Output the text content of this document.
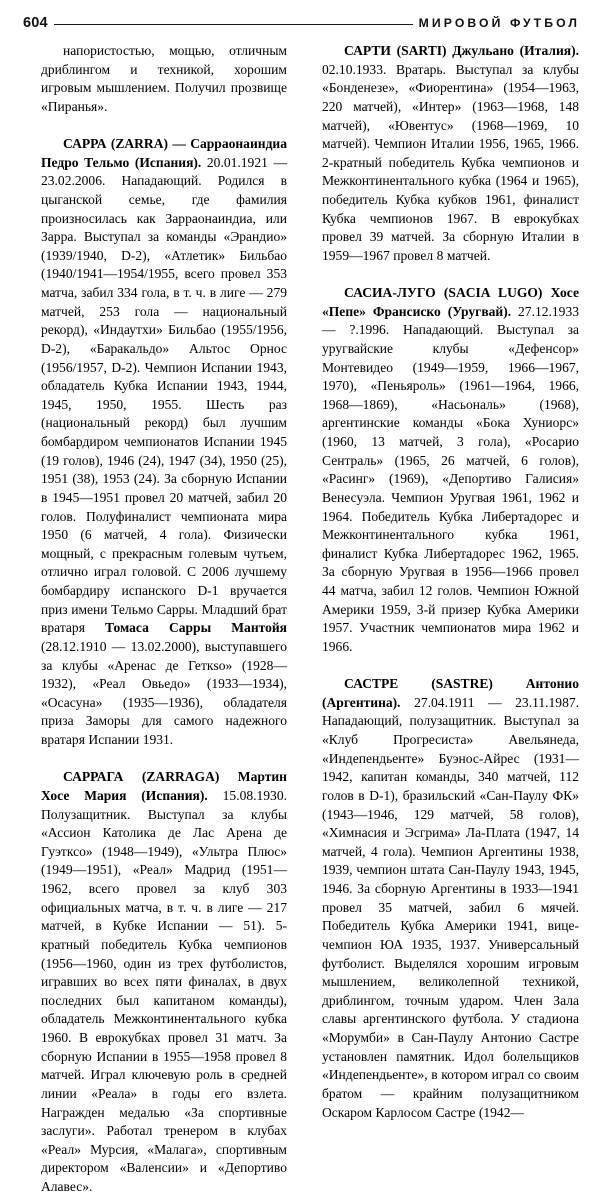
604	МИРОВОЙ ФУТБОЛ

напористостью, мощью, отличным дриблингом и техникой, хорошим игровым мышлением. Получил прозвище «Пиранья».

САРРА (ZARRA) — Сарраонаиндиа Педро Тельмо (Испания). 20.01.1921 — 23.02.2006. Нападающий. Родился в цыганской семье, где фамилия произносилась как Зарраонаиндиа, или Зарра. Выступал за команды «Эрандио» (1939/1940, D-2), «Атлетик» Бильбао (1940/1941—1954/1955, всего провел 353 матча, забил 334 гола, в т. ч. в лиге — 279 матчей, 253 гола — национальный рекорд), «Индаутхи» Бильбао (1955/1956, D-2), «Баракальдо» Альтос Орнос (1956/1957, D-2). Чемпион Испании 1943, обладатель Кубка Испании 1943, 1944, 1945, 1950, 1955. Шесть раз (национальный рекорд) был лучшим бомбардиром чемпионатов Испании 1945 (19 голов), 1946 (24), 1947 (34), 1950 (25), 1951 (38), 1953 (24). За сборную Испании в 1945—1951 провел 20 матчей, забил 20 голов. Полуфиналист чемпионата мира 1950 (6 матчей, 4 гола). Физически мощный, с прекрасным голевым чутьем, отлично играл головой. С 2006 лучшему бомбардиру испанского D-1 вручается приз имени Тельмо Сарры. Младший брат вратаря Томаса Сарры Мантойя (28.12.1910 — 13.02.2000), выступавшего за клубы «Аренас де Геткso» (1928—1932), «Реал Овьедо» (1933—1934), «Осасуна» (1935—1936), обладателя приза Заморы для самого надежного вратаря Испании 1931.

САРРАГА (ZARRAGA) Мартин Хосе Мария (Испания). 15.08.1930. Полузащитник. Выступал за клубы «Ассион Католика де Лас Арена де Гуэтксо» (1948—1949), «Ультра Плюс» (1949—1951), «Реал» Мадрид (1951—1962, всего провел за клуб 303 официальных матча, в т. ч. в лиге — 217 матчей, в Кубке Испании — 51). 5-кратный победитель Кубка чемпионов (1956—1960, один из трех футболистов, игравших во всех пяти финалах, в двух последних был капитаном команды), обладатель Межконтинентального кубка 1960. В еврокубках провел 31 матч. За сборную Испании в 1955—1958 провел 8 матчей. Играл ключевую роль в средней линии «Реала» в годы его взлета. Награжден медалью «За спортивные заслуги». Работал тренером в клубах «Реал» Мурсия, «Малага», спортивным директором «Валенсии» и «Депортиво Алавес».

САРТИ (SARTI) Джульано (Италия). 02.10.1933. Вратарь. Выступал за клубы «Бонденезе», «Фиорентина» (1954—1963, 220 матчей), «Интер» (1963—1968, 148 матчей), «Ювентус» (1968—1969, 10 матчей). Чемпион Италии 1956, 1965, 1966. 2-кратный победитель Кубка чемпионов и Межконтинентального кубка (1964 и 1965), победитель Кубка кубков 1961, финалист Кубка чемпионов 1967. В еврокубках провел 39 матчей. За сборную Италии в 1959—1967 провел 8 матчей.

САСИА-ЛУГО (SACIA LUGO) Хосе «Пепе» Франсиско (Уругвай). 27.12.1933 — ?.1996. Нападающий. Выступал за уругвайские клубы «Дефенсор» Монтевидео (1949—1959, 1966—1967, 1970), «Пеньяроль» (1961—1964, 1966, 1968—1869), «Насьональ» (1968), аргентинские команды «Бока Хуниорс» (1960, 13 матчей, 3 гола), «Росарио Сентраль» (1965, 26 матчей, 6 голов), «Расинг» (1969), «Депортиво Галисия» Венесуэла. Чемпион Уругвая 1961, 1962 и 1964. Победитель Кубка Либертадорес и Межконтинентального кубка 1961, финалист Кубка Либертадорес 1962, 1965. За сборную Уругвая в 1956—1966 провел 44 матча, забил 12 голов. Чемпион Южной Америки 1959, 3-й призер Кубка Америки 1957. Участник чемпионатов мира 1962 и 1966.

САСТРЕ (SASTRE) Антонио (Аргентина). 27.04.1911 — 23.11.1987. Нападающий, полузащитник. Выступал за «Клуб Прогресиста» Авельянеда, «Индепендьенте» Буэнос-Айрес (1931—1942, капитан команды, 340 матчей, 112 голов в D-1), бразильский «Сан-Паулу ФК» (1943—1946, 129 матчей, 58 голов), «Химнасия и Эсгрима» Ла-Плата (1947, 14 матчей, 4 гола). Чемпион Аргентины 1938, 1939, чемпион штата Сан-Паулу 1943, 1945, 1946. За сборную Аргентины в 1933—1941 провел 35 матчей, забил 6 мячей. Победитель Кубка Америки 1941, вице-чемпион ЮА 1935, 1937. Универсальный футболист. Выделялся хорошим игровым мышлением, великолепной техникой, дриблингом, точным ударом. Член Зала славы аргентинского футбола. У стадиона «Морумби» в Сан-Паулу Антонио Састре установлен памятник. Идол болельщиков «Индепендьенте», в котором играл со своим братом — крайним полузащитником Оскаром Карлосом Састре (1942—
